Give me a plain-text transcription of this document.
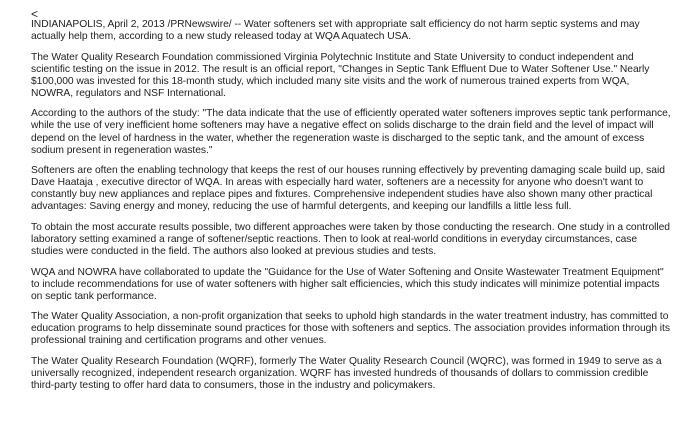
<

INDIANAPOLIS, April 2, 2013 /PRNewswire/ -- Water softeners set with appropriate salt efficiency do not harm septic systems and may actually help them, according to a new study released today at WQA Aquatech USA.

The Water Quality Research Foundation commissioned Virginia Polytechnic Institute and State University to conduct independent and scientific testing on the issue in 2012. The result is an official report, "Changes in Septic Tank Effluent Due to Water Softener Use." Nearly $100,000 was invested for this 18-month study, which included many site visits and the work of numerous trained experts from WQA, NOWRA, regulators and NSF International.

According to the authors of the study: "The data indicate that the use of efficiently operated water softeners improves septic tank performance, while the use of very inefficient home softeners may have a negative effect on solids discharge to the drain field and the level of impact will depend on the level of hardness in the water, whether the regeneration waste is discharged to the septic tank, and the amount of excess sodium present in regeneration wastes."

Softeners are often the enabling technology that keeps the rest of our houses running effectively by preventing damaging scale build up, said Dave Haataja , executive director of WQA. In areas with especially hard water, softeners are a necessity for anyone who doesn't want to constantly buy new appliances and replace pipes and fixtures. Comprehensive independent studies have also shown many other practical advantages: Saving energy and money, reducing the use of harmful detergents, and keeping our landfills a little less full.

To obtain the most accurate results possible, two different approaches were taken by those conducting the research. One study in a controlled laboratory setting examined a range of softener/septic reactions. Then to look at real-world conditions in everyday circumstances, case studies were conducted in the field. The authors also looked at previous studies and tests.

WQA and NOWRA have collaborated to update the "Guidance for the Use of Water Softening and Onsite Wastewater Treatment Equipment" to include recommendations for use of water softeners with higher salt efficiencies, which this study indicates will minimize potential impacts on septic tank performance.

The Water Quality Association, a non-profit organization that seeks to uphold high standards in the water treatment industry, has committed to education programs to help disseminate sound practices for those with softeners and septics. The association provides information through its professional training and certification programs and other venues.

The Water Quality Research Foundation (WQRF), formerly The Water Quality Research Council (WQRC), was formed in 1949 to serve as a universally recognized, independent research organization. WQRF has invested hundreds of thousands of dollars to commission credible third-party testing to offer hard data to consumers, those in the industry and policymakers.
